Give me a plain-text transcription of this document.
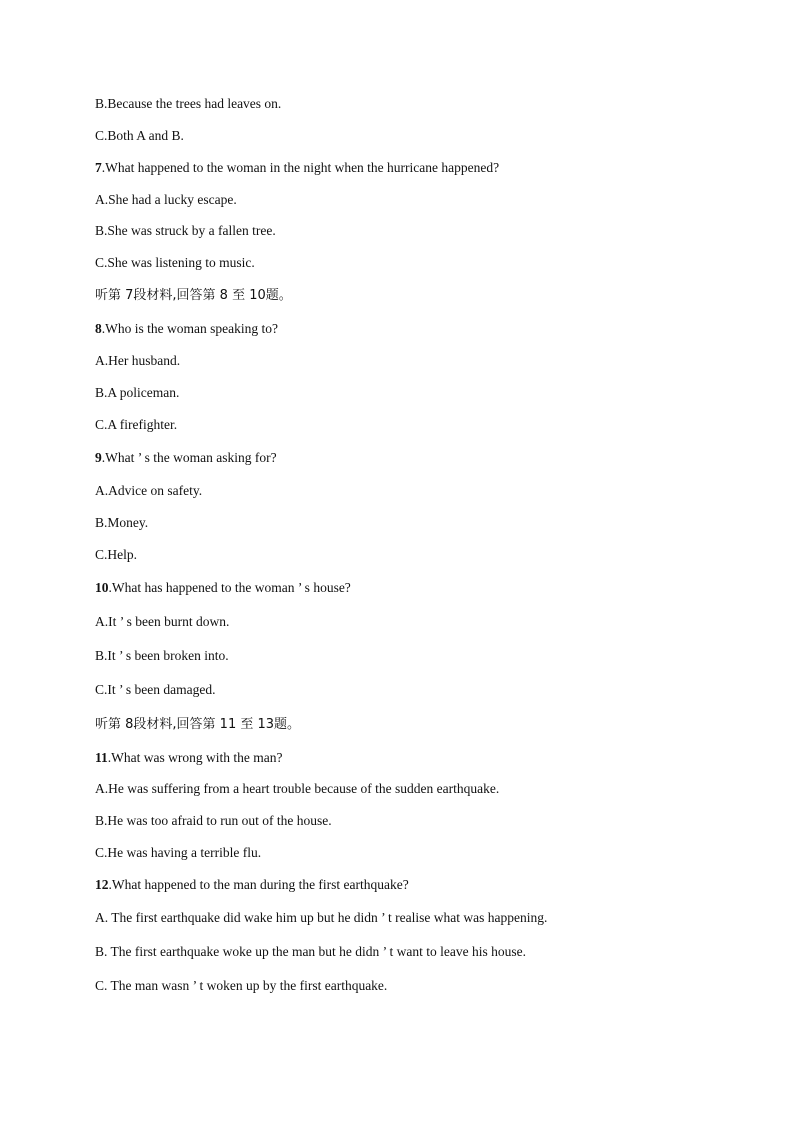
B.Because the trees had leaves on.
C.Both A and B.
7.What happened to the woman in the night when the hurricane happened?
A.She had a lucky escape.
B.She was struck by a fallen tree.
C.She was listening to music.
听第 7段材料,回答第 8 至 10题。
8.Who is the woman speaking to?
A.Her husband.
B.A policeman.
C.A firefighter.
9.What ’ s the woman asking for?
A.Advice on safety.
B.Money.
C.Help.
10.What has happened to the woman ’ s house?
A.It ’ s been burnt down.
B.It ’ s been broken into.
C.It ’ s been damaged.
听第 8段材料,回答第 11 至 13题。
11.What was wrong with the man?
A.He was suffering from a heart trouble because of the sudden earthquake.
B.He was too afraid to run out of the house.
C.He was having a terrible flu.
12.What happened to the man during the first earthquake?
A. The first earthquake did wake him up but he didn ’ t realise what was happening.
B. The first earthquake woke up the man but he didn ’ t want to leave his house.
C. The man wasn ’ t woken up by the first earthquake.
